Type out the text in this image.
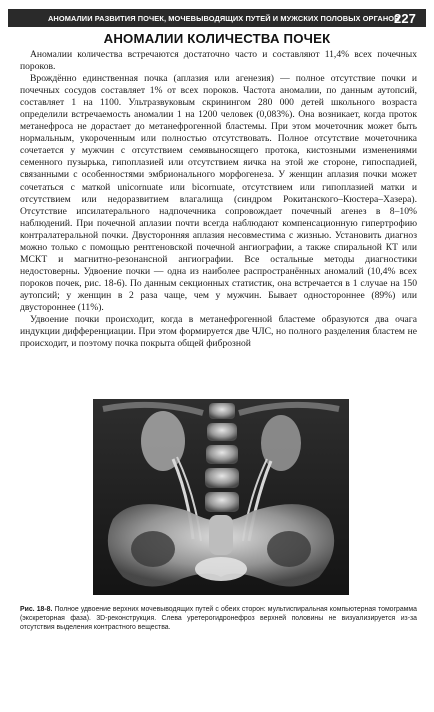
АНОМАЛИИ РАЗВИТИЯ ПОЧЕК, МОЧЕВЫВОДЯЩИХ ПУТЕЙ И МУЖСКИХ ПОЛОВЫХ ОРГАНОВ
227
АНОМАЛИИ КОЛИЧЕСТВА ПОЧЕК

Аномалии количества встречаются достаточно часто и составляют 11,4% всех почечных пороков.

Врождённо единственная почка (аплазия или агенезия) — полное отсутствие почки и почечных сосудов составляет 1% от всех пороков. Частота аномалии, по данным аутопсий, составляет 1 на 1100. Ультразвуковым скринингом 280 000 детей школьного возраста определили встречаемость аномалии 1 на 1200 человек (0,083%). Она возникает, когда проток метанефроса не дорастает до метанефрогенной бластемы. При этом мочеточник может быть нормальным, укороченным или полностью отсутствовать. Полное отсутствие мочеточника сочетается у мужчин с отсутствием семявыносящего протока, кистозными изменениями семенного пузырька, гипоплазией или отсутствием яичка на этой же стороне, гипоспадией, связанными с особенностями эмбрионального морфогенеза. У женщин аплазия почки может сочетаться с маткой unicornuate или bicornuate, отсутствием или гипоплазией матки и отсутствием или недоразвитием влагалища (синдром Рокитанского–Кюстера–Хазера). Отсутствие ипсилатерального надпочечника сопровождает почечный агенез в 8–10% наблюдений. При почечной аплазии почти всегда наблюдают компенсационную гипертрофию контралатеральной почки. Двусторонняя аплазия несовместима с жизнью. Установить диагноз можно только с помощью рентгеновской почечной ангиографии, а также спиральной КТ или МСКТ и магнитно-резонансной ангиографии. Все остальные методы диагностики недостоверны. Удвоение почки — одна из наиболее распространённых аномалий (10,4% всех пороков почек, рис. 18-6). По данным секционных статистик, она встречается в 1 случае на 150 аутопсий; у женщин в 2 раза чаще, чем у мужчин. Бывает одностороннее (89%) или двустороннее (11%).

Удвоение почки происходит, когда в метанефрогенной бластеме образуются два очага индукции дифференциации. При этом формируется две ЧЛС, но полного разделения бластем не происходит, и поэтому почка покрыта общей фиброзной

Рис. 18-8. Полное удвоение верхних мочевыводящих путей с обеих сторон: мультиспиральная компьютерная томограмма (экскреторная фаза). 3D-реконструкция. Слева уретерогидронефроз верхней половины не визуализируется из-за отсутствия выделения контрастного вещества.
